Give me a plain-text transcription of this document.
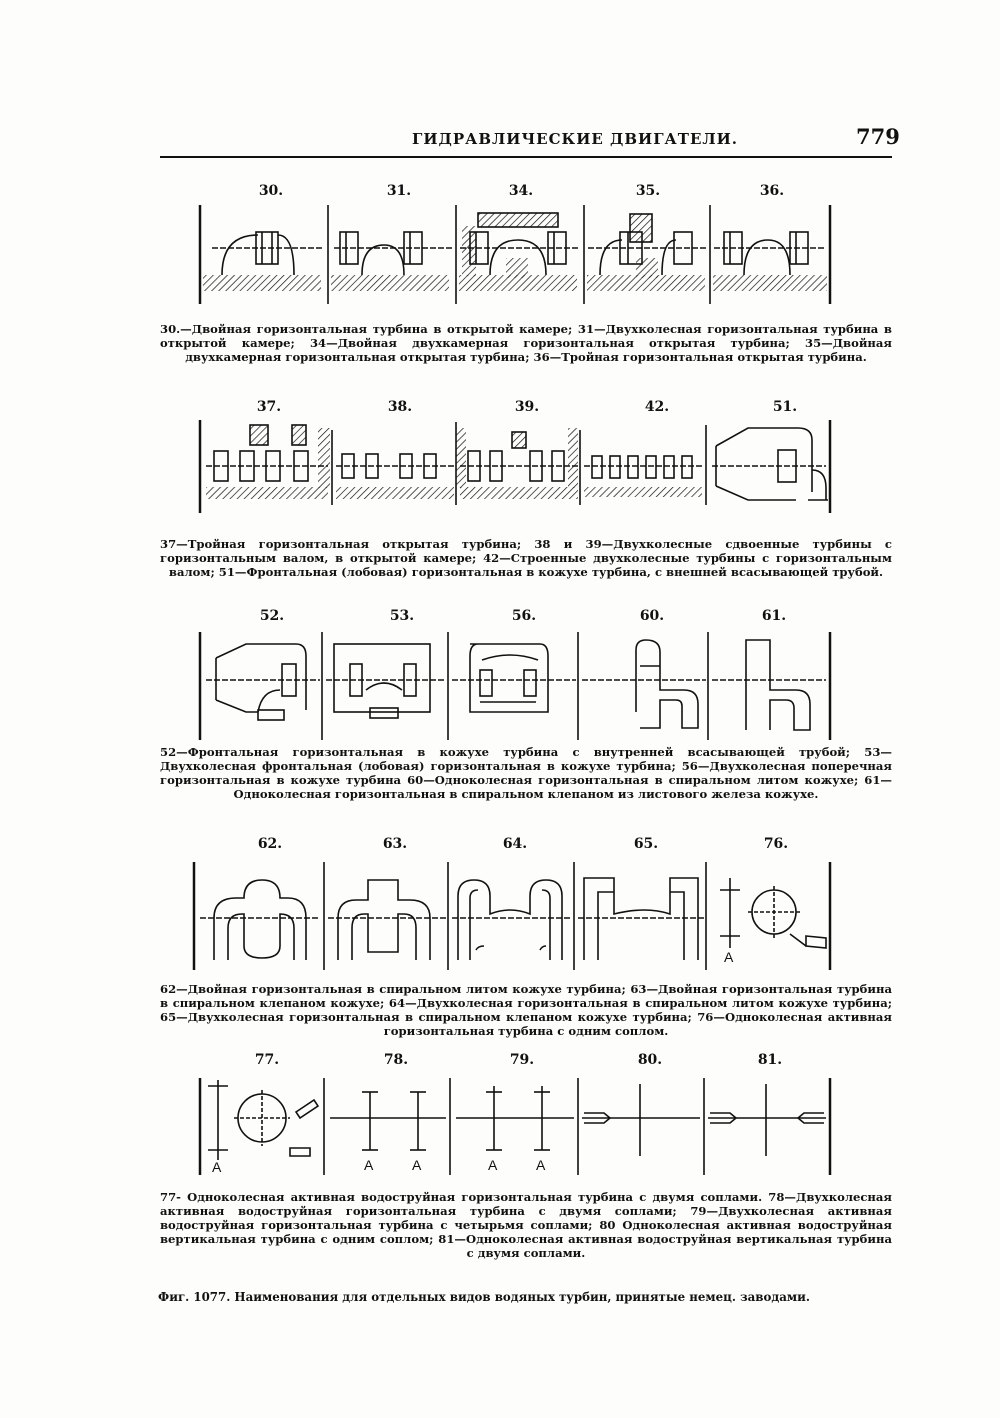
ГИДРАВЛИЧЕСКИЕ ДВИГАТЕЛИ.	779
30.	31.	34.	35.	36.
30.—Двойная горизонтальная турбина в открытой камере; 31—Двухколесная горизонтальная турбина в открытой камере; 34—Двойная двухкамерная горизонтальная открытая турбина; 35—Двойная двухкамерная горизонтальная открытая турбина; 36—Тройная горизонтальная открытая турбина.
37.	38.	39.	42.	51.
37—Тройная горизонтальная открытая турбина; 38 и 39—Двухколесные сдвоенные турбины с горизонтальным валом, в открытой камере; 42—Строенные двухколесные турбины с горизонтальным валом; 51—Фронтальная (лобовая) горизонтальная в кожухе турбина, с внешней всасывающей трубой.
52.	53.	56.	60.	61.
52—Фронтальная горизонтальная в кожухе турбина с внутренней всасывающей трубой; 53—Двухколесная фронтальная (лобовая) горизонтальная в кожухе турбина; 56—Двухколесная поперечная горизонтальная в кожухе турбина 60—Одноколесная горизонтальная в спиральном литом кожухе; 61—Одноколесная горизонтальная в спиральном клепаном из листового железа кожухе.
62.	63.	64.	65.	76.
62—Двойная горизонтальная в спиральном литом кожухе турбина; 63—Двойная горизонтальная турбина в спиральном клепаном кожухе; 64—Двухколесная горизонтальная в спиральном литом кожухе турбина; 65—Двухколесная горизонтальная в спиральном клепаном кожухе турбина; 76—Одноколесная активная горизонтальная турбина с одним соплом.
77.	78.	79.	80.	81.
77- Одноколесная активная водоструйная горизонтальная турбина с двумя соплами. 78—Двухколесная активная водоструйная горизонтальная турбина с двумя соплами; 79—Двухколесная активная водоструйная горизонтальная турбина с четырьмя соплами; 80 Одноколесная активная водоструйная вертикальная турбина с одним соплом; 81—Одноколесная активная водоструйная вертикальная турбина с двумя соплами.
Фиг. 1077. Наименования для отдельных видов водяных турбин, принятые немец. заводами.
A
A	A	A	A	A
